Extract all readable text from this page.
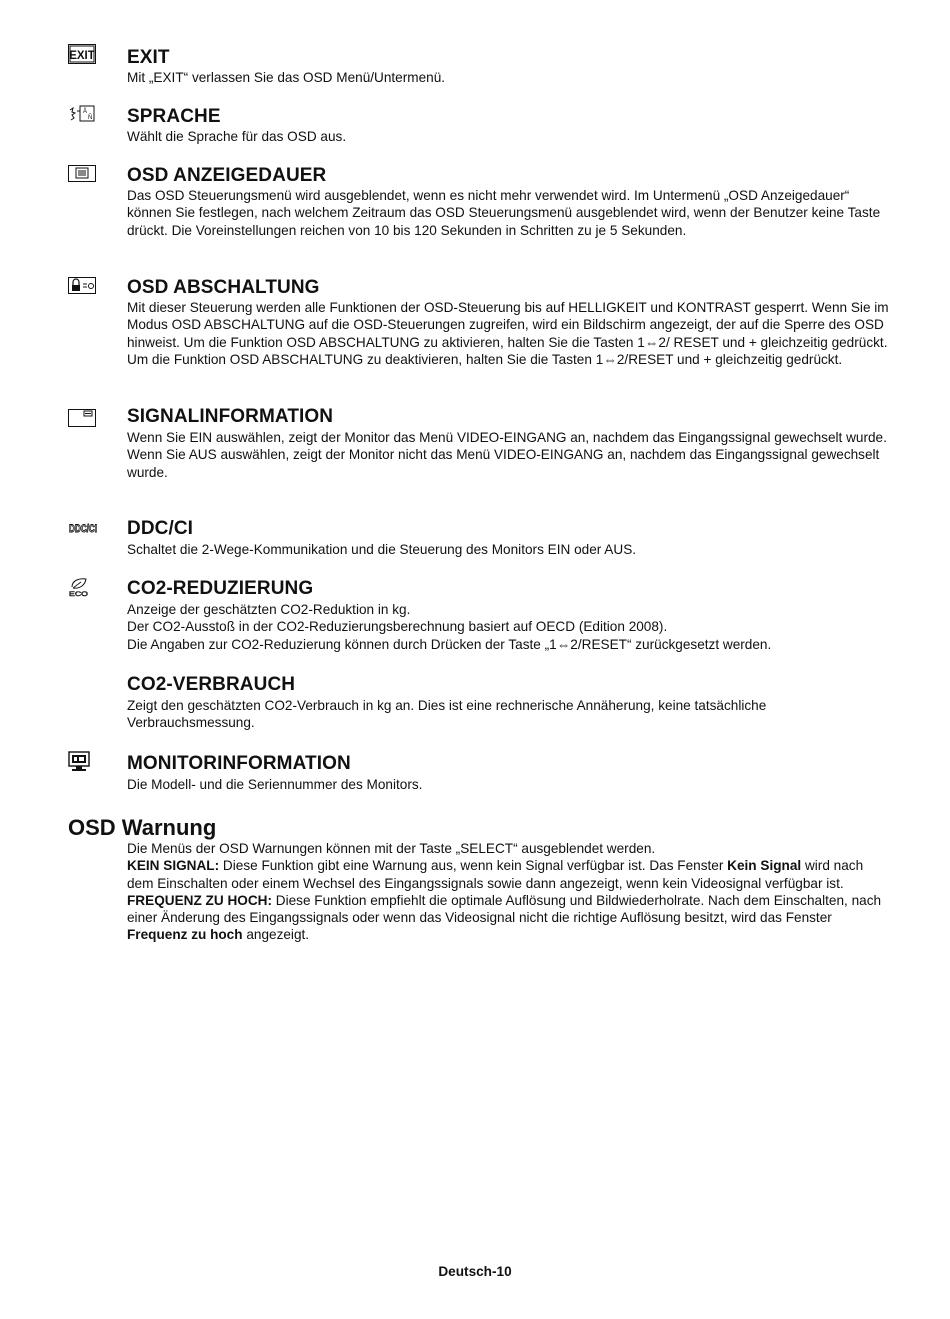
EXIT EXIT

Mit „EXIT“ verlassen Sie das OSD Menü/Untermenü.

Å
Ñ SPRACHE

Wählt die Sprache für das OSD aus.

OSD ANZEIGEDAUER

Das OSD Steuerungsmenü wird ausgeblendet, wenn es nicht mehr verwendet wird. Im Untermenü „OSD Anzeigedauer“ können Sie festlegen, nach welchem Zeitraum das OSD Steuerungsmenü ausgeblendet wird, wenn der Benutzer keine Taste drückt. Die Voreinstellungen reichen von 10 bis 120 Sekunden in Schritten zu je 5 Sekunden.

OSD ABSCHALTUNG

Mit dieser Steuerung werden alle Funktionen der OSD-Steuerung bis auf HELLIGKEIT und KONTRAST gesperrt. Wenn Sie im Modus OSD ABSCHALTUNG auf die OSD-Steuerungen zugreifen, wird ein Bildschirm angezeigt, der auf die Sperre des OSD hinweist. Um die Funktion OSD ABSCHALTUNG zu aktivieren, halten Sie die Tasten 1⇔2/ RESET und + gleichzeitig gedrückt. Um die Funktion OSD ABSCHALTUNG zu deaktivieren, halten Sie die Tasten 1⇔2/RESET und + gleichzeitig gedrückt.

SIGNALINFORMATION

Wenn Sie EIN auswählen, zeigt der Monitor das Menü VIDEO-EINGANG an, nachdem das Eingangssignal gewechselt wurde.

Wenn Sie AUS auswählen, zeigt der Monitor nicht das Menü VIDEO-EINGANG an, nachdem das Eingangssignal gewechselt wurde.

DDC/CI DDC/CI

Schaltet die 2-Wege-Kommunikation und die Steuerung des Monitors EIN oder AUS.

ECO CO2-REDUZIERUNG

Anzeige der geschätzten CO2-Reduktion in kg.

Der CO2-Ausstoß in der CO2-Reduzierungsberechnung basiert auf OECD (Edition 2008).

Die Angaben zur CO2-Reduzierung können durch Drücken der Taste „1⇔2/RESET“ zurückgesetzt werden.

CO2-VERBRAUCH

Zeigt den geschätzten CO2-Verbrauch in kg an. Dies ist eine rechnerische Annäherung, keine tatsächliche Verbrauchsmessung.

MONITORINFORMATION

Die Modell- und die Seriennummer des Monitors.

OSD Warnung

Die Menüs der OSD Warnungen können mit der Taste „SELECT“ ausgeblendet werden.

KEIN SIGNAL: Diese Funktion gibt eine Warnung aus, wenn kein Signal verfügbar ist. Das Fenster Kein Signal wird nach dem Einschalten oder einem Wechsel des Eingangssignals sowie dann angezeigt, wenn kein Videosignal verfügbar ist.

FREQUENZ ZU HOCH: Diese Funktion empfiehlt die optimale Auflösung und Bildwiederholrate. Nach dem Einschalten, nach einer Änderung des Eingangssignals oder wenn das Videosignal nicht die richtige Auflösung besitzt, wird das Fenster Frequenz zu hoch angezeigt.

Deutsch-10
